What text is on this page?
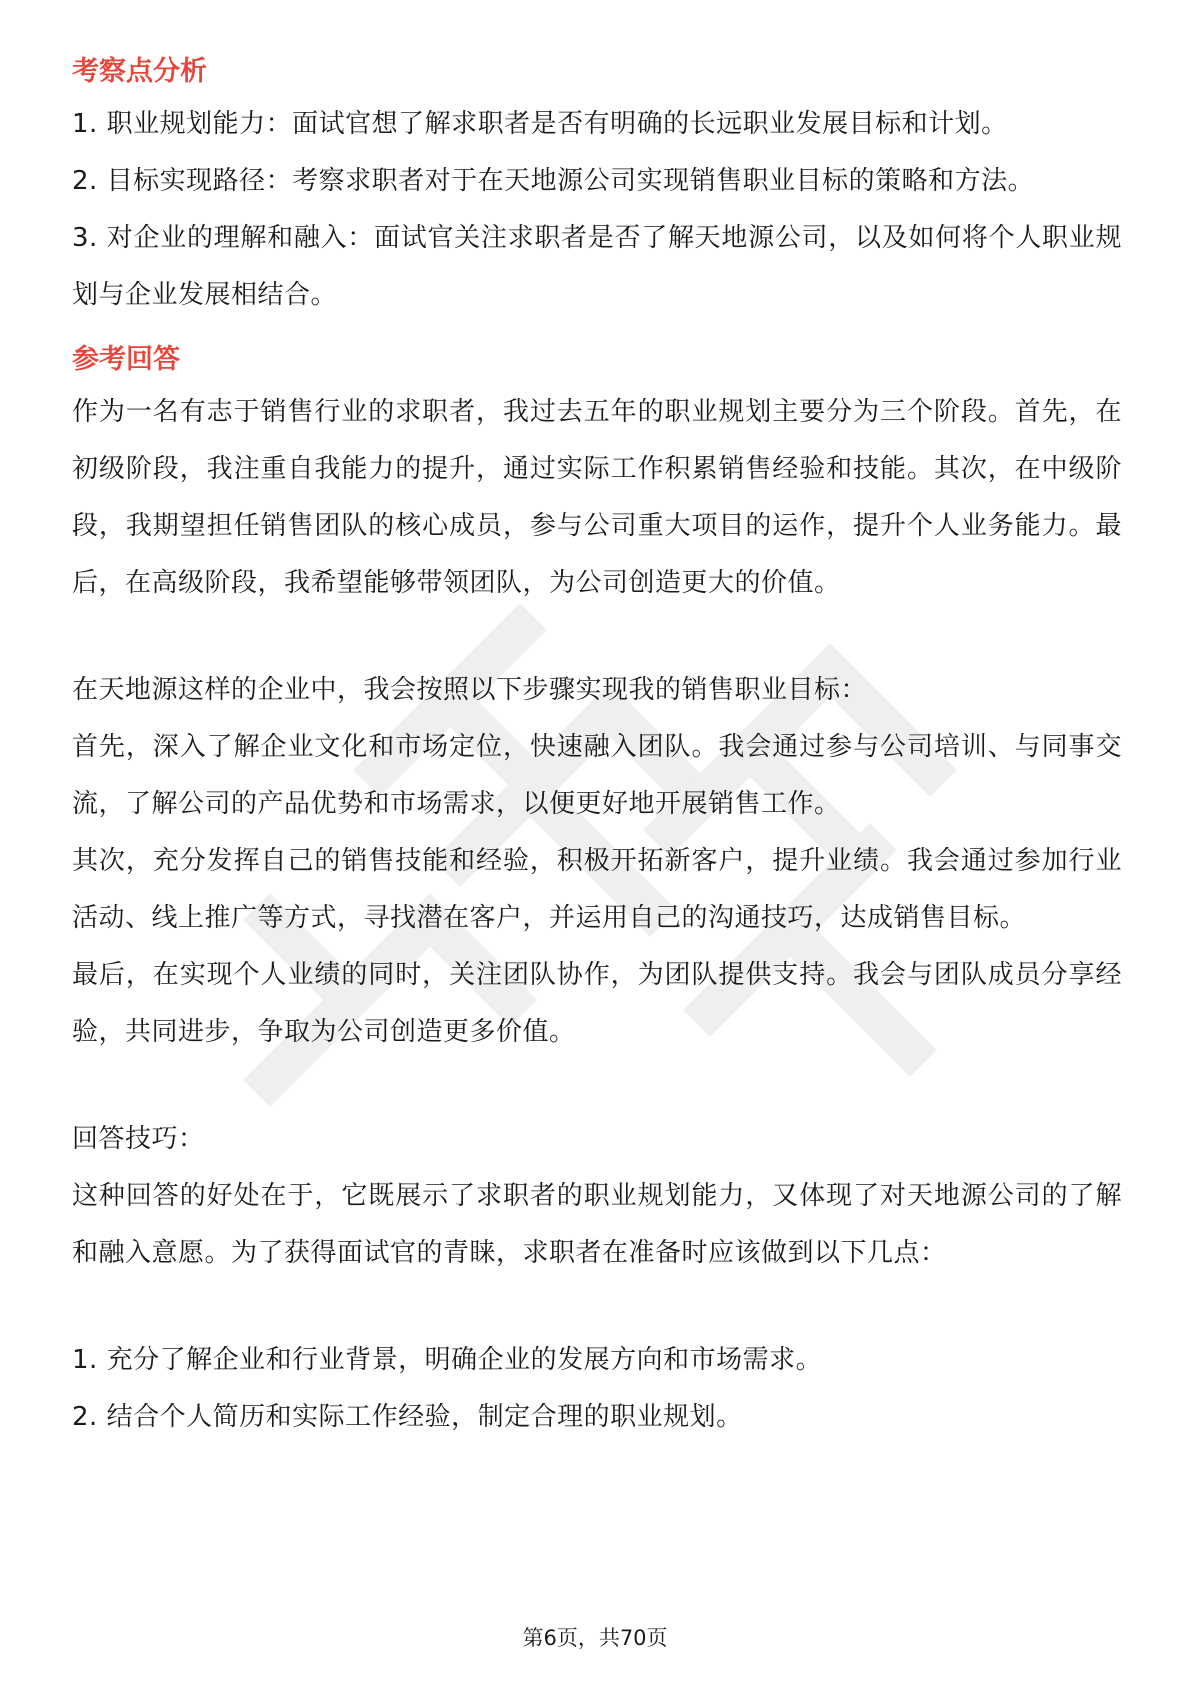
考察点分析

1. 职业规划能力：面试官想了解求职者是否有明确的长远职业发展目标和计划。

2. 目标实现路径：考察求职者对于在天地源公司实现销售职业目标的策略和方法。

3. 对企业的理解和融入：面试官关注求职者是否了解天地源公司，以及如何将个人职业规划与企业发展相结合。

参考回答

作为一名有志于销售行业的求职者，我过去五年的职业规划主要分为三个阶段。首先，在初级阶段，我注重自我能力的提升，通过实际工作积累销售经验和技能。其次，在中级阶段，我期望担任销售团队的核心成员，参与公司重大项目的运作，提升个人业务能力。最后，在高级阶段，我希望能够带领团队，为公司创造更大的价值。

在天地源这样的企业中，我会按照以下步骤实现我的销售职业目标：

首先，深入了解企业文化和市场定位，快速融入团队。我会通过参与公司培训、与同事交流，了解公司的产品优势和市场需求，以便更好地开展销售工作。

其次，充分发挥自己的销售技能和经验，积极开拓新客户，提升业绩。我会通过参加行业活动、线上推广等方式，寻找潜在客户，并运用自己的沟通技巧，达成销售目标。

最后，在实现个人业绩的同时，关注团队协作，为团队提供支持。我会与团队成员分享经验，共同进步，争取为公司创造更多价值。

回答技巧：

这种回答的好处在于，它既展示了求职者的职业规划能力，又体现了对天地源公司的了解和融入意愿。为了获得面试官的青睐，求职者在准备时应该做到以下几点：

1. 充分了解企业和行业背景，明确企业的发展方向和市场需求。

2. 结合个人简历和实际工作经验，制定合理的职业规划。

第6页，共70页
